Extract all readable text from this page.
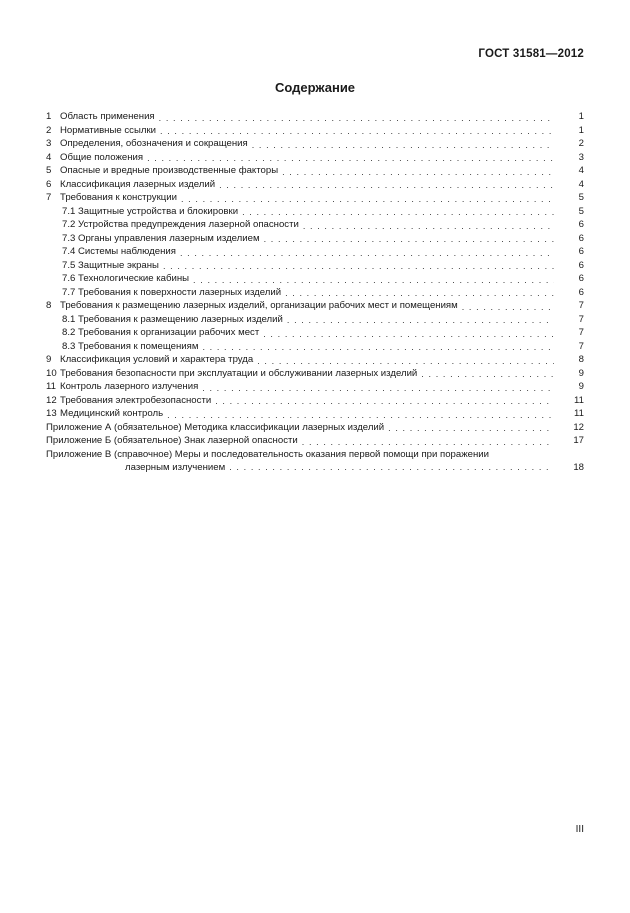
ГОСТ 31581—2012
Содержание
1 Область применения . . .	1
2 Нормативные ссылки . . .	1
3 Определения, обозначения и сокращения . . .	2
4 Общие положения . . .	3
5 Опасные и вредные производственные факторы . . .	4
6 Классификация лазерных изделий . . .	4
7 Требования к конструкции . . .	5
7.1 Защитные устройства и блокировки . . .	5
7.2 Устройства предупреждения лазерной опасности . . .	6
7.3 Органы управления лазерным изделием . . .	6
7.4 Системы наблюдения . . .	6
7.5 Защитные экраны . . .	6
7.6 Технологические кабины . . .	6
7.7 Требования к поверхности лазерных изделий . . .	6
8 Требования к размещению лазерных изделий, организации рабочих мест и помещениям . . .	7
8.1 Требования к размещению лазерных изделий . . .	7
8.2 Требования к организации рабочих мест . . .	7
8.3 Требования к помещениям . . .	7
9 Классификация условий и характера труда . . .	8
10 Требования безопасности при эксплуатации и обслуживании лазерных изделий . . .	9
11 Контроль лазерного излучения . . .	9
12 Требования электробезопасности . . .	11
13 Медицинский контроль . . .	11
Приложение А (обязательное) Методика классификации лазерных изделий . . .	12
Приложение Б (обязательное) Знак лазерной опасности . . .	17
Приложение В (справочное) Меры и последовательность оказания первой помощи при поражении
лазерным излучением . . .	18
III
